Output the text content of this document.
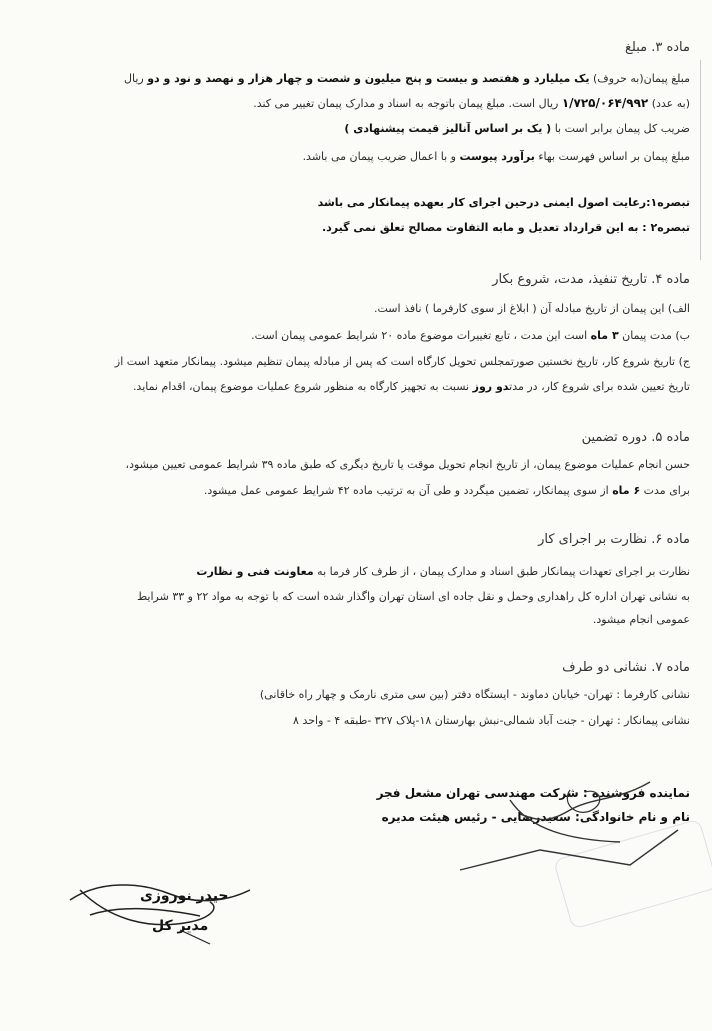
ماده ۳. مبلغ
مبلغ پیمان(به حروف) یک میلیارد و هفتصد و بیست و پنج میلیون و شصت و چهار هزار و نهصد و نود و دو ریال
(به عدد) ۱/۷۲۵/۰۶۴/۹۹۲ ریال است. مبلغ پیمان باتوجه به اسناد و مدارک پیمان تغییر می کند.
ضریب کل پیمان برابر است با ( یک بر اساس آنالیز قیمت پیشنهادی )
مبلغ پیمان بر اساس فهرست بهاء برآورد پیوست و با اعمال ضریب پیمان می باشد.
تبصره۱:رعایت اصول ایمنی درحین اجرای کار بعهده پیمانکار می باشد
تبصره۲ : به این قرارداد تعدیل و مابه التفاوت مصالح تعلق نمی گیرد.
ماده ۴. تاریخ تنفیذ، مدت، شروع بکار
الف) این پیمان از تاریخ مبادله آن ( ابلاغ از سوی کارفرما ) نافذ است.
ب) مدت پیمان ۳ ماه است این مدت ، تابع تغییرات موضوع ماده ۲۰ شرایط عمومی پیمان است.
ج) تاریخ شروع کار، تاریخ نخستین صورتمجلس تحویل کارگاه است که پس از مبادله پیمان تنظیم میشود. پیمانکار متعهد است از
تاریخ تعیین شده برای شروع کار، در مدتدو روز نسبت به تجهیز کارگاه به منظور شروع عملیات موضوع پیمان، اقدام نماید.
ماده ۵. دوره تضمین
حسن انجام عملیات موضوع پیمان، از تاریخ انجام تحویل موقت یا تاریخ دیگری که طبق ماده ۳۹ شرایط عمومی تعیین میشود،
برای مدت ۶ ماه از سوی پیمانکار، تضمین میگردد و طی آن به ترتیب ماده ۴۲ شرایط عمومی عمل میشود.
ماده ۶. نظارت بر اجرای کار
نظارت بر اجرای تعهدات پیمانکار طبق اسناد و مدارک پیمان ، از طرف کار فرما به معاونت فنی و نظارت
به نشانی تهران اداره کل راهداری وحمل و نقل جاده ای استان تهران واگذار شده است که با توجه به مواد ۲۲ و ۳۳ شرایط
عمومی انجام میشود.
ماده ۷. نشانی دو طرف
نشانی کارفرما : تهران- خیابان دماوند - ایستگاه دفتر (بین سی متری نارمک و چهار راه خاقانی)
نشانی پیمانکار : تهران - جنت آباد شمالی-نبش بهارستان ۱۸-پلاک ۳۲۷ -طبقه ۴ - واحد ۸
نماینده فروشنده : شرکت مهندسی تهران مشعل فجر
نام و نام خانوادگی: سعیدرضایی - رئیس هیئت مدیره
حیدر نوروزی
مدیر کل
